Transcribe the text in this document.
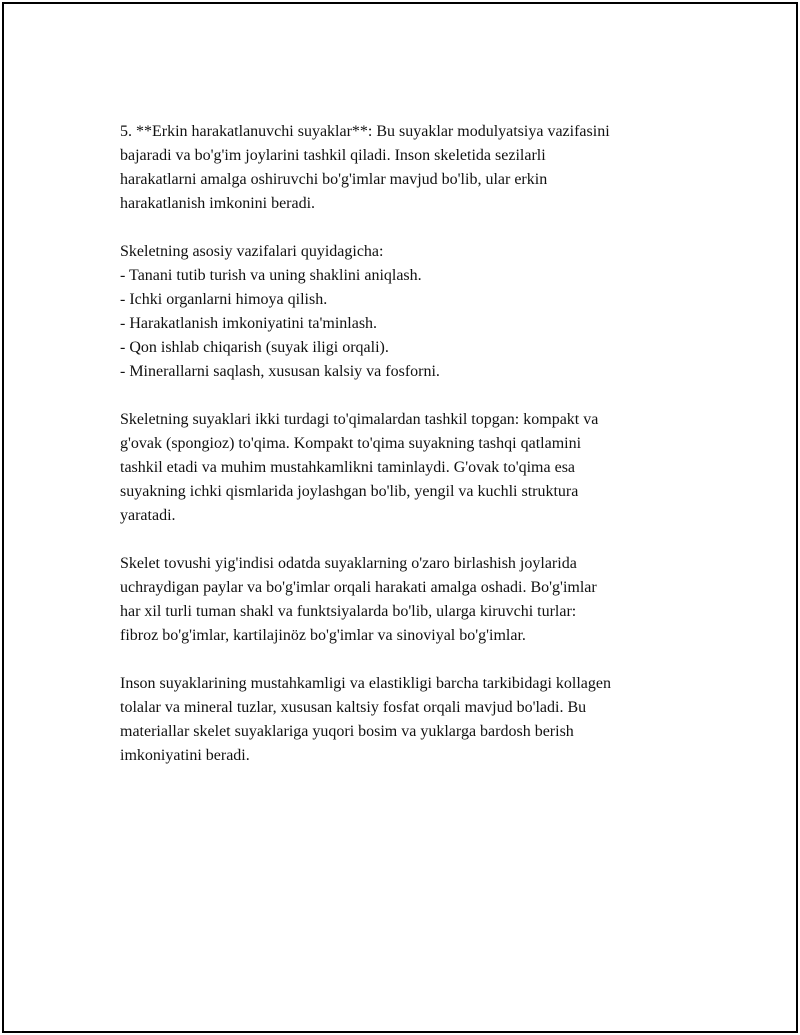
5. **Erkin harakatlanuvchi suyaklar**: Bu suyaklar modulyatsiya vazifasini
bajaradi va bo'g'im joylarini tashkil qiladi. Inson skeletida sezilarli
harakatlarni amalga oshiruvchi bo'g'imlar mavjud bo'lib, ular erkin
harakatlanish imkonini beradi.

Skeletning asosiy vazifalari quyidagicha:
- Tanani tutib turish va uning shaklini aniqlash.
- Ichki organlarni himoya qilish.
- Harakatlanish imkoniyatini ta'minlash.
- Qon ishlab chiqarish (suyak iligi orqali).
- Minerallarni saqlash, xususan kalsiy va fosforni.

Skeletning suyaklari ikki turdagi to'qimalardan tashkil topgan: kompakt va
g'ovak (spongioz) to'qima. Kompakt to'qima suyakning tashqi qatlamini
tashkil etadi va muhim mustahkamlikni taminlaydi. G'ovak to'qima esa
suyakning ichki qismlarida joylashgan bo'lib, yengil va kuchli struktura
yaratadi.

Skelet tovushi yig'indisi odatda suyaklarning o'zaro birlashish joylarida
uchraydigan paylar va bo'g'imlar orqali harakati amalga oshadi. Bo'g'imlar
har xil turli tuman shakl va funktsiyalarda bo'lib, ularga kiruvchi turlar:
fibroz bo'g'imlar, kartilajinöz bo'g'imlar va sinoviyal bo'g'imlar.

Inson suyaklarining mustahkamligi va elastikligi barcha tarkibidagi kollagen
tolalar va mineral tuzlar, xususan kaltsiy fosfat orqali mavjud bo'ladi. Bu
materiallar skelet suyaklariga yuqori bosim va yuklarga bardosh berish
imkoniyatini beradi.
